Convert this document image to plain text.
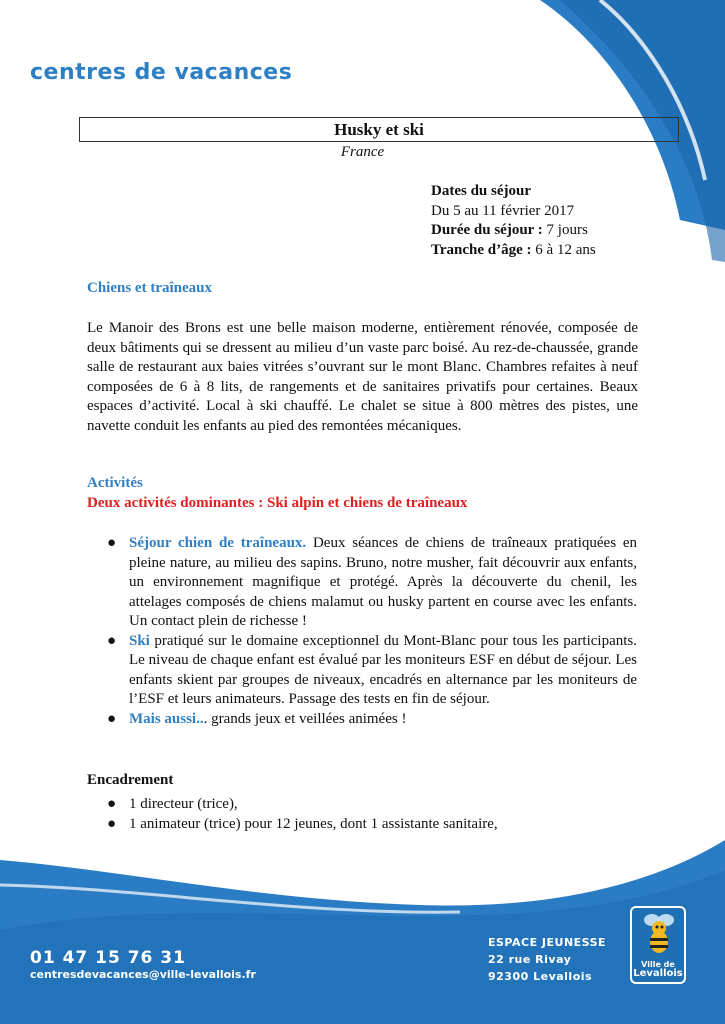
centres de vacances
Husky et ski
France
Dates du séjour
Du 5 au 11 février 2017
Durée du séjour : 7 jours
Tranche d’âge : 6 à 12 ans
Chiens et traîneaux
Le Manoir des Brons est une belle maison moderne, entièrement rénovée, composée de deux bâtiments qui se dressent au milieu d’un vaste parc boisé. Au rez-de-chaussée, grande salle de restaurant aux baies vitrées s’ouvrant sur le mont Blanc. Chambres refaites à neuf composées de 6 à 8 lits, de rangements et de sanitaires privatifs pour certaines. Beaux espaces d’activité. Local à ski chauffé. Le chalet se situe à 800 mètres des pistes, une navette conduit les enfants au pied des remontées mécaniques.
Activités
Deux activités dominantes : Ski alpin et chiens de traîneaux
● Séjour chien de traîneaux. Deux séances de chiens de traîneaux pratiquées en pleine nature, au milieu des sapins. Bruno, notre musher, fait découvrir aux enfants, un environnement magnifique et protégé. Après la découverte du chenil, les attelages composés de chiens malamut ou husky partent en course avec les enfants. Un contact plein de richesse !
● Ski pratiqué sur le domaine exceptionnel du Mont-Blanc pour tous les participants. Le niveau de chaque enfant est évalué par les moniteurs ESF en début de séjour. Les enfants skient par groupes de niveaux, encadrés en alternance par les moniteurs de l’ESF et leurs animateurs. Passage des tests en fin de séjour.
● Mais aussi... grands jeux et veillées animées !
Encadrement
● 1 directeur (trice),
● 1 animateur (trice) pour 12 jeunes, dont 1 assistante sanitaire,
01 47 15 76 31
centresdevacances@ville-levallois.fr
ESPACE JEUNESSE
22 rue Rivay
92300 Levallois
Ville de
Levallois
